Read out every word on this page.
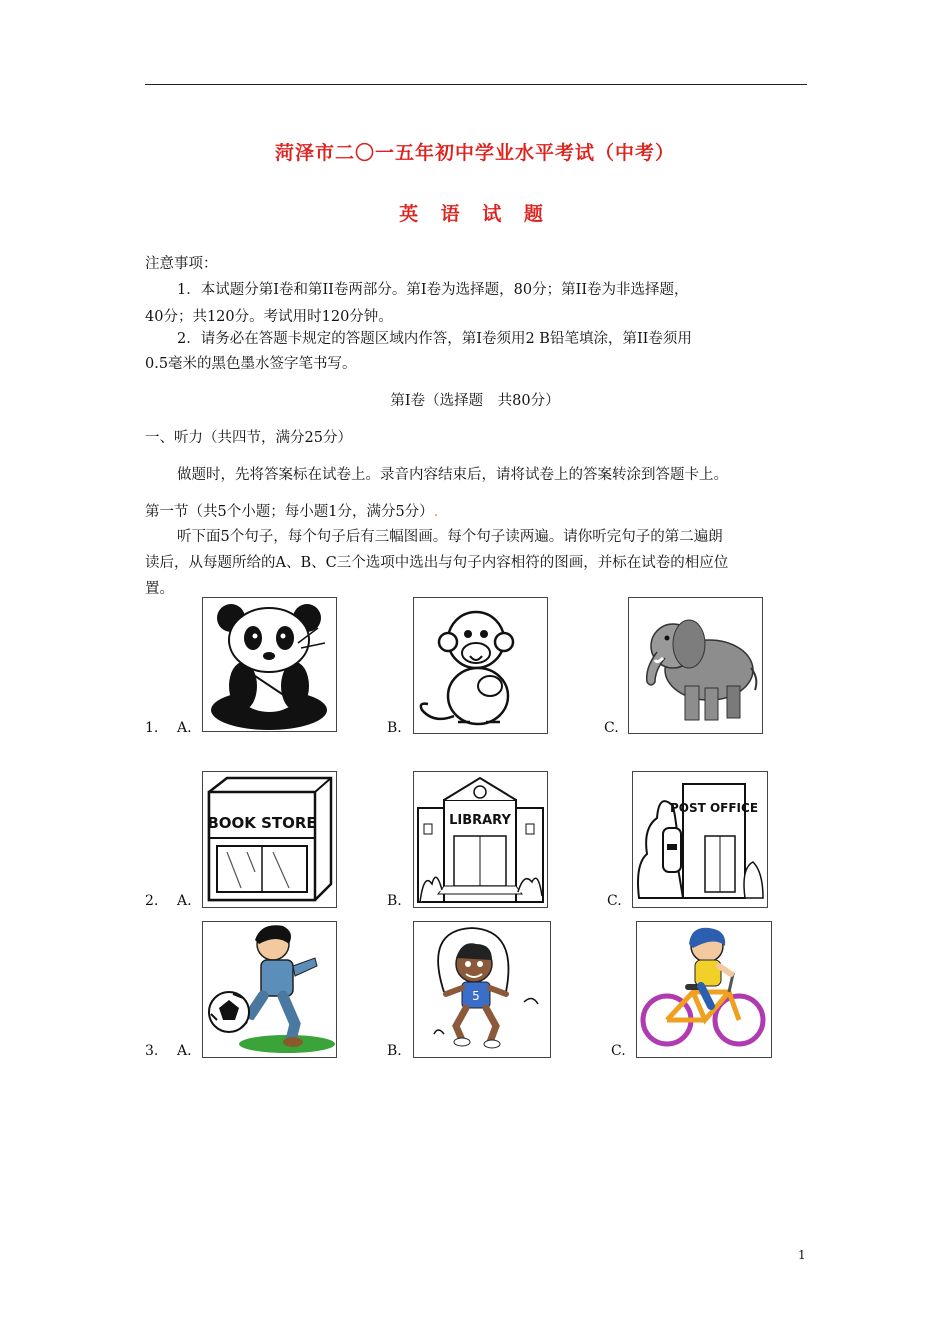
菏泽市二〇一五年初中学业水平考试（中考）
英 语 试 题
注意事项：
1．本试题分第Ⅰ卷和第II卷两部分。第Ⅰ卷为选择题，80分；第II卷为非选择题，
40分；共120分。考试用时120分钟。
2．请务必在答题卡规定的答题区域内作答，第Ⅰ卷须用2 B铅笔填涂，第II卷须用
0.5毫米的黑色墨水签字笔书写。
第Ⅰ卷（选择题　共80分）
一、听力（共四节，满分25分）
做题时，先将答案标在试卷上。录音内容结束后，请将试卷上的答案转涂到答题卡上。
第一节（共5个小题；每小题1分，满分5分）.
听下面5个句子，每个句子后有三幅图画。每个句子读两遍。请你听完句子的第二遍朗
读后，从每题所给的A、B、C三个选项中选出与句子内容相符的图画，并标在试卷的相应位
置。
1. A.	B.	C.
2. A.
BOOK STORE
B.
LIBRARY
C.
POST OFFICE
3. A.	B.
5
C.
1
